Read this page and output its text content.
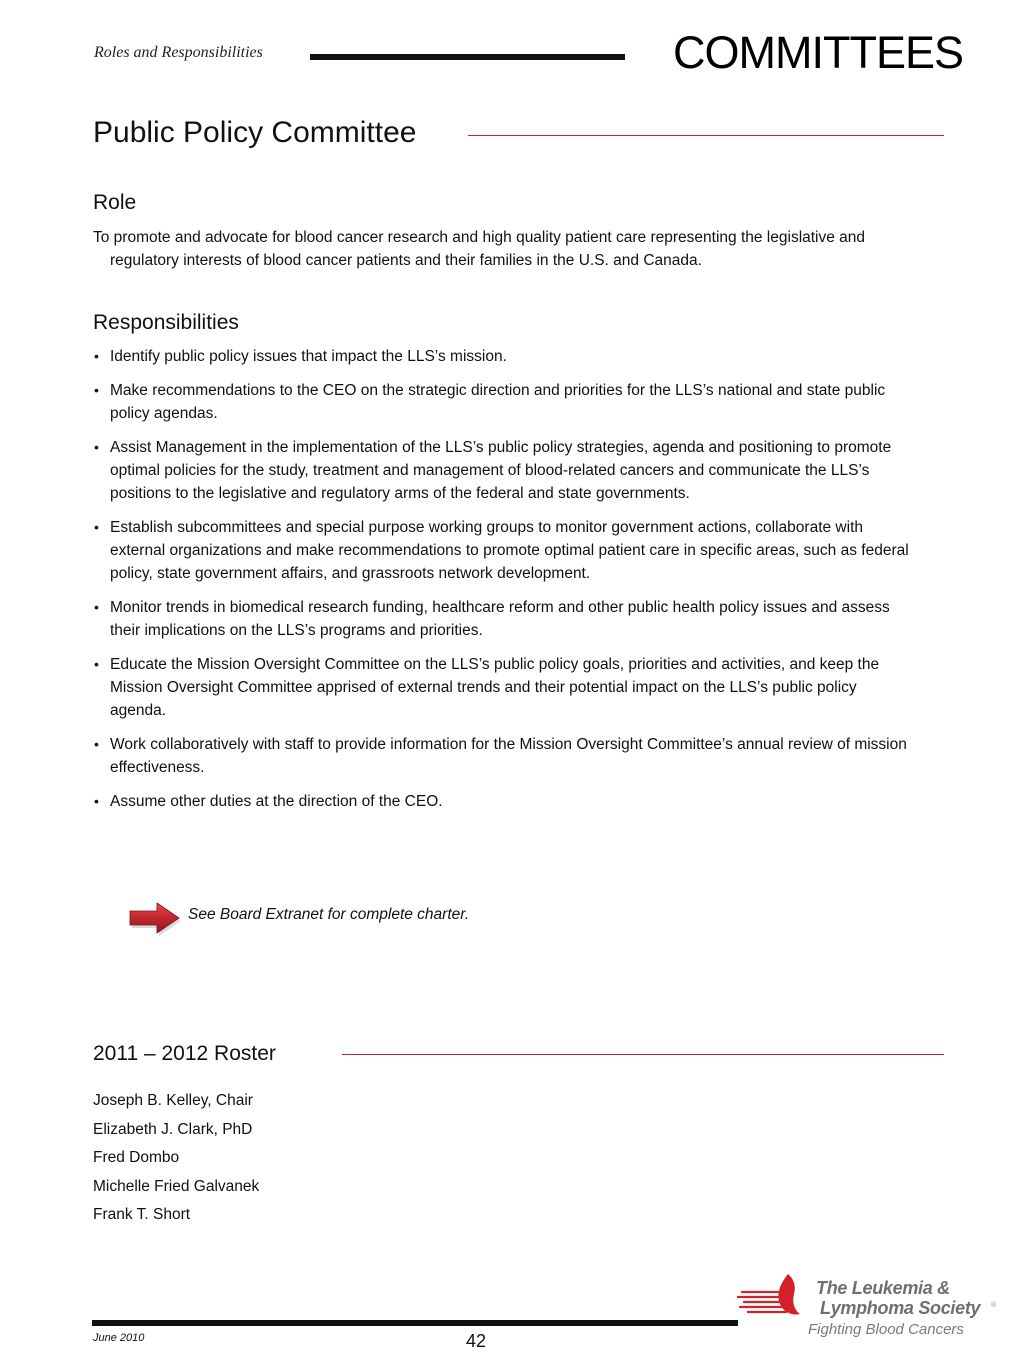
Roles and Responsibilities	COMMITTEES
Public Policy Committee
Role
To promote and advocate for blood cancer research and high quality patient care representing the legislative and regulatory interests of blood cancer patients and their families in the U.S. and Canada.
Responsibilities
• Identify public policy issues that impact the LLS’s mission.
• Make recommendations to the CEO on the strategic direction and priorities for the LLS’s national and state public policy agendas.
• Assist Management in the implementation of the LLS’s public policy strategies, agenda and positioning to promote optimal policies for the study, treatment and management of blood-related cancers and communicate the LLS’s positions to the legislative and regulatory arms of the federal and state governments.
• Establish subcommittees and special purpose working groups to monitor government actions, collaborate with external organizations and make recommendations to promote optimal patient care in specific areas, such as federal policy, state government affairs, and grassroots network development.
• Monitor trends in biomedical research funding, healthcare reform and other public health policy issues and assess their implications on the LLS’s programs and priorities.
• Educate the Mission Oversight Committee on the LLS’s public policy goals, priorities and activities, and keep the Mission Oversight Committee apprised of external trends and their potential impact on the LLS’s public policy agenda.
• Work collaboratively with staff to provide information for the Mission Oversight Committee’s annual review of mission effectiveness.
• Assume other duties at the direction of the CEO.
See Board Extranet for complete charter.
2011 – 2012 Roster
Joseph B. Kelley, Chair
Elizabeth J. Clark, PhD
Fred Dombo
Michelle Fried Galvanek
Frank T. Short
June 2010	42
The Leukemia &
Lymphoma Society ®
Fighting Blood Cancers
